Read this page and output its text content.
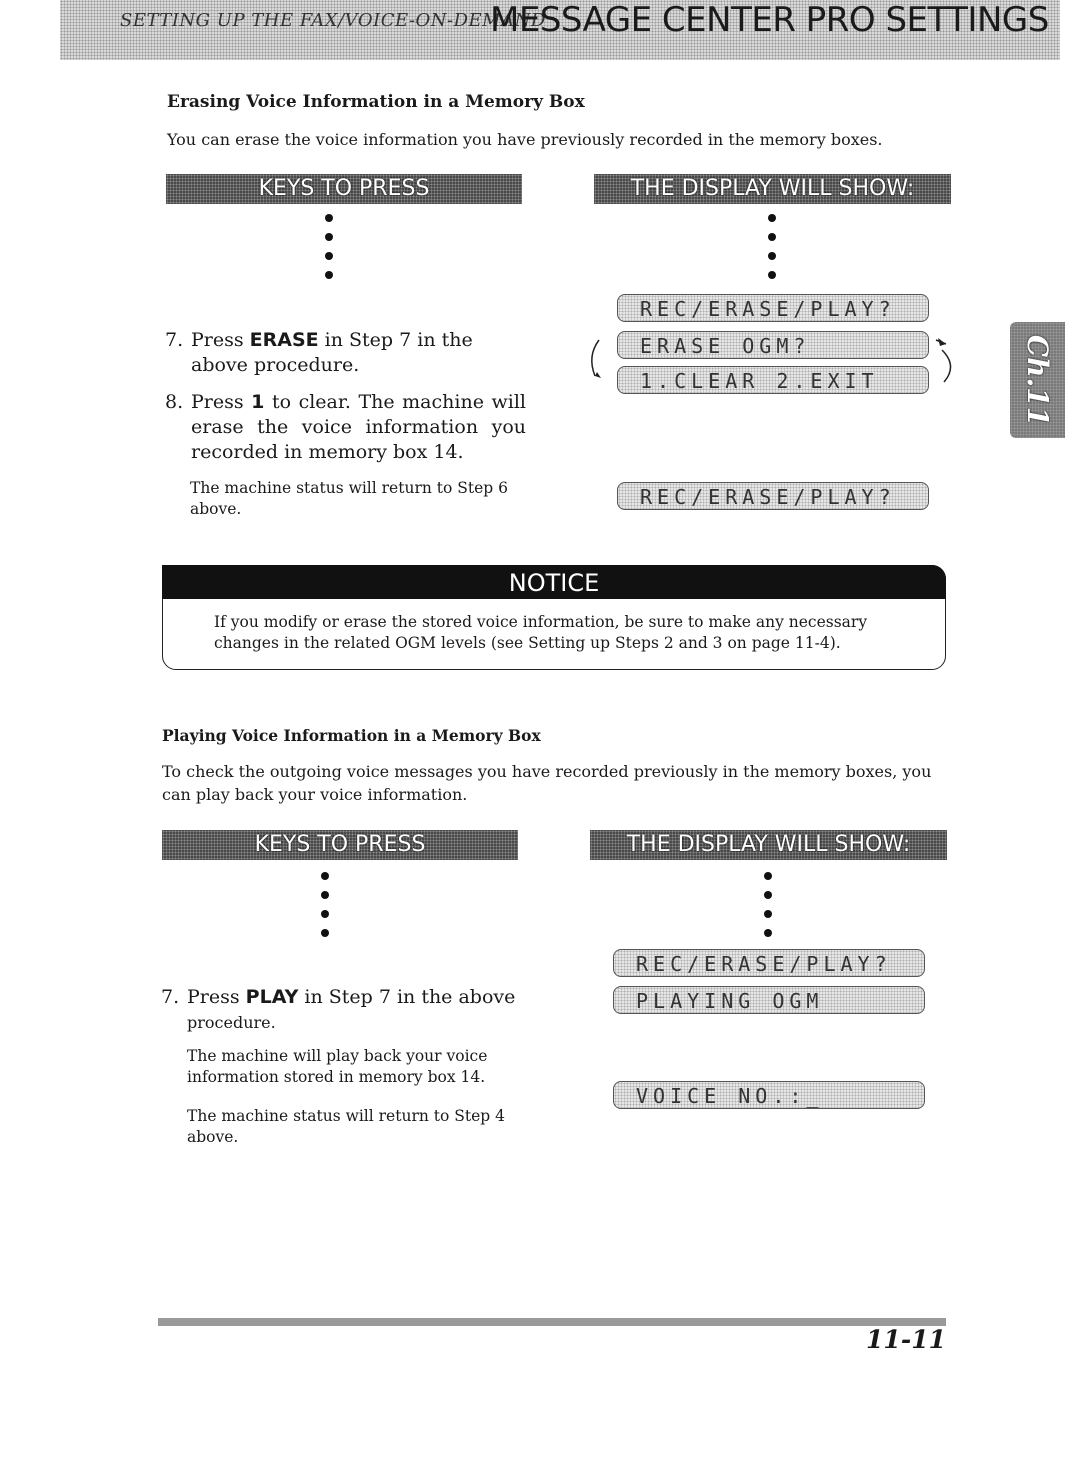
SETTING UP THE FAX/VOICE-ON-DEMAND
MESSAGE CENTER PRO SETTINGS
Ch.11
Erasing Voice Information in a Memory Box
You can erase the voice information you have previously recorded in the memory boxes.
KEYS TO PRESS	THE DISPLAY WILL SHOW:
7. Press ERASE in Step 7 in the above procedure.
8. Press 1 to clear. The machine will erase the voice information you recorded in memory box 14.
The machine status will return to Step 6 above.
REC/ERASE/PLAY?
ERASE OGM?
1.CLEAR 2.EXIT
REC/ERASE/PLAY?
NOTICE
If you modify or erase the stored voice information, be sure to make any necessary changes in the related OGM levels (see Setting up Steps 2 and 3 on page 11-4).
Playing Voice Information in a Memory Box
To check the outgoing voice messages you have recorded previously in the memory boxes, you can play back your voice information.
KEYS TO PRESS	THE DISPLAY WILL SHOW:
7. Press PLAY in Step 7 in the above
procedure.
The machine will play back your voice information stored in memory box 14.
The machine status will return to Step 4 above.
REC/ERASE/PLAY?
PLAYING OGM
VOICE NO.:_
11-11
